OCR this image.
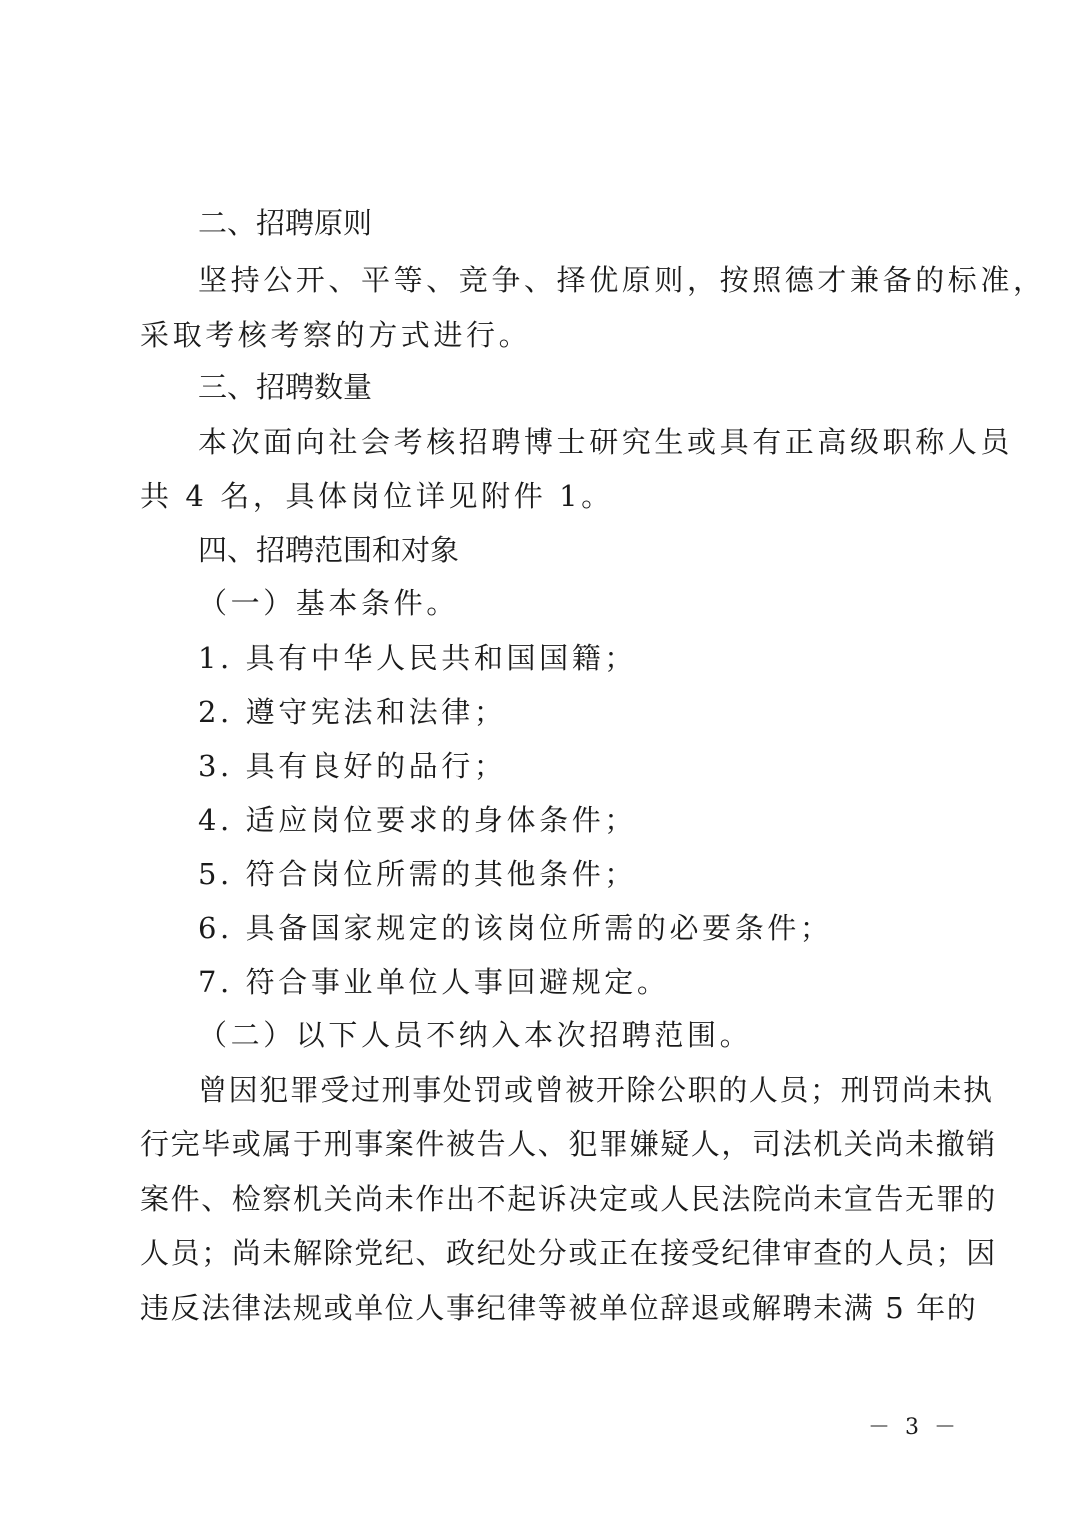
二、招聘原则
坚持公开、平等、竞争、择优原则，按照德才兼备的标准，
采取考核考察的方式进行。
三、招聘数量
本次面向社会考核招聘博士研究生或具有正高级职称人员
共 4 名，具体岗位详见附件 1。
四、招聘范围和对象
（一）基本条件。
1. 具有中华人民共和国国籍；
2. 遵守宪法和法律；
3. 具有良好的品行；
4. 适应岗位要求的身体条件；
5. 符合岗位所需的其他条件；
6. 具备国家规定的该岗位所需的必要条件；
7. 符合事业单位人事回避规定。
（二）以下人员不纳入本次招聘范围。
曾因犯罪受过刑事处罚或曾被开除公职的人员；刑罚尚未执
行完毕或属于刑事案件被告人、犯罪嫌疑人，司法机关尚未撤销
案件、检察机关尚未作出不起诉决定或人民法院尚未宣告无罪的
人员；尚未解除党纪、政纪处分或正在接受纪律审查的人员；因
违反法律法规或单位人事纪律等被单位辞退或解聘未满 5 年的
－ 3 －
